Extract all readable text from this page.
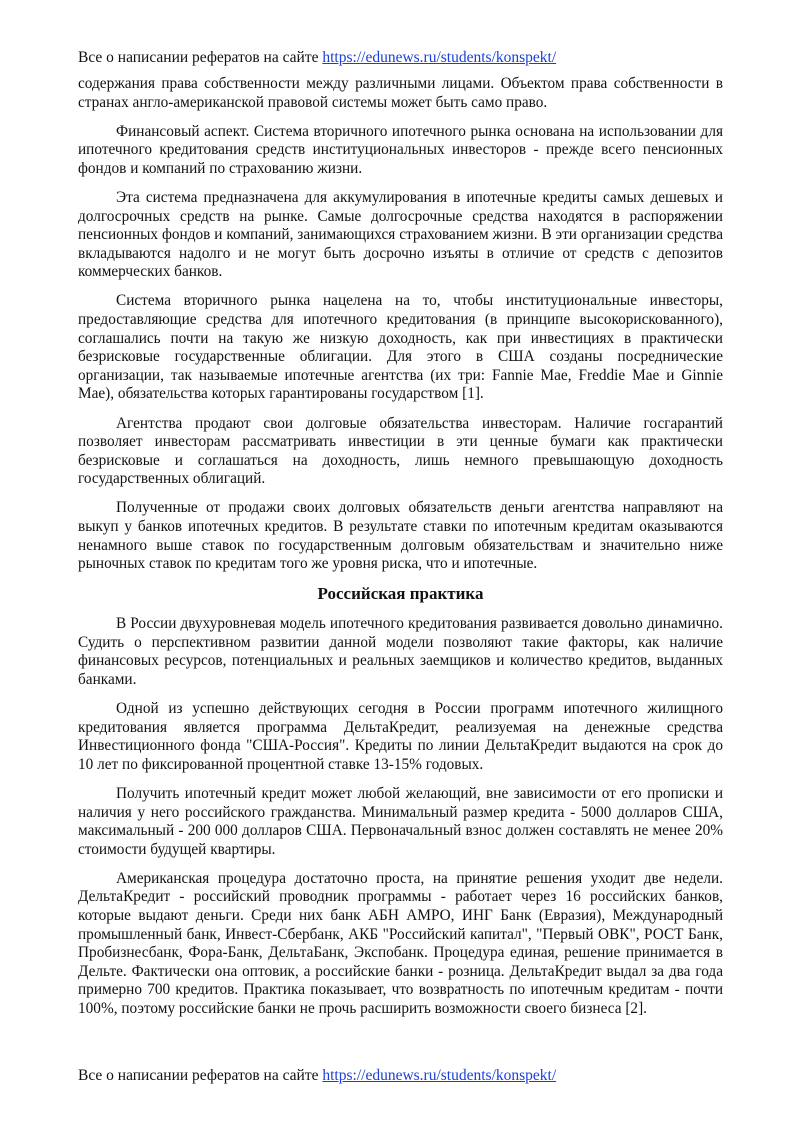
Все о написании рефератов на сайте https://edunews.ru/students/konspekt/

содержания права собственности между различными лицами. Объектом права собственности в странах англо-американской правовой системы может быть само право.

Финансовый аспект. Система вторичного ипотечного рынка основана на использовании для ипотечного кредитования средств институциональных инвесторов - прежде всего пенсионных фондов и компаний по страхованию жизни.

Эта система предназначена для аккумулирования в ипотечные кредиты самых дешевых и долгосрочных средств на рынке. Самые долгосрочные средства находятся в распоряжении пенсионных фондов и компаний, занимающихся страхованием жизни. В эти организации средства вкладываются надолго и не могут быть досрочно изъяты в отличие от средств с депозитов коммерческих банков.

Система вторичного рынка нацелена на то, чтобы институциональные инвесторы, предоставляющие средства для ипотечного кредитования (в принципе высокорискованного), соглашались почти на такую же низкую доходность, как при инвестициях в практически безрисковые государственные облигации. Для этого в США созданы посреднические организации, так называемые ипотечные агентства (их три: Fannie Mae, Freddie Mae и Ginnie Mae), обязательства которых гарантированы государством [1].

Агентства продают свои долговые обязательства инвесторам. Наличие госгарантий позволяет инвесторам рассматривать инвестиции в эти ценные бумаги как практически безрисковые и соглашаться на доходность, лишь немного превышающую доходность государственных облигаций.

Полученные от продажи своих долговых обязательств деньги агентства направляют на выкуп у банков ипотечных кредитов. В результате ставки по ипотечным кредитам оказываются ненамного выше ставок по государственным долговым обязательствам и значительно ниже рыночных ставок по кредитам того же уровня риска, что и ипотечные.

Российская практика

В России двухуровневая модель ипотечного кредитования развивается довольно динамично. Судить о перспективном развитии данной модели позволяют такие факторы, как наличие финансовых ресурсов, потенциальных и реальных заемщиков и количество кредитов, выданных банками.

Одной из успешно действующих сегодня в России программ ипотечного жилищного кредитования является программа ДельтаКредит, реализуемая на денежные средства Инвестиционного фонда "США-Россия". Кредиты по линии ДельтаКредит выдаются на срок до 10 лет по фиксированной процентной ставке 13-15% годовых.

Получить ипотечный кредит может любой желающий, вне зависимости от его прописки и наличия у него российского гражданства. Минимальный размер кредита - 5000 долларов США, максимальный - 200 000 долларов США. Первоначальный взнос должен составлять не менее 20% стоимости будущей квартиры.

Американская процедура достаточно проста, на принятие решения уходит две недели. ДельтаКредит - российский проводник программы - работает через 16 российских банков, которые выдают деньги. Среди них банк АБН АМРО, ИНГ Банк (Евразия), Международный промышленный банк, Инвест-Сбербанк, АКБ "Российский капитал", "Первый ОВК", РОСТ Банк, Пробизнесбанк, Фора-Банк, ДельтаБанк, Экспобанк. Процедура единая, решение принимается в Дельте. Фактически она оптовик, а российские банки - розница. ДельтаКредит выдал за два года примерно 700 кредитов. Практика показывает, что возвратность по ипотечным кредитам - почти 100%, поэтому российские банки не прочь расширить возможности своего бизнеса [2].

Все о написании рефератов на сайте https://edunews.ru/students/konspekt/
